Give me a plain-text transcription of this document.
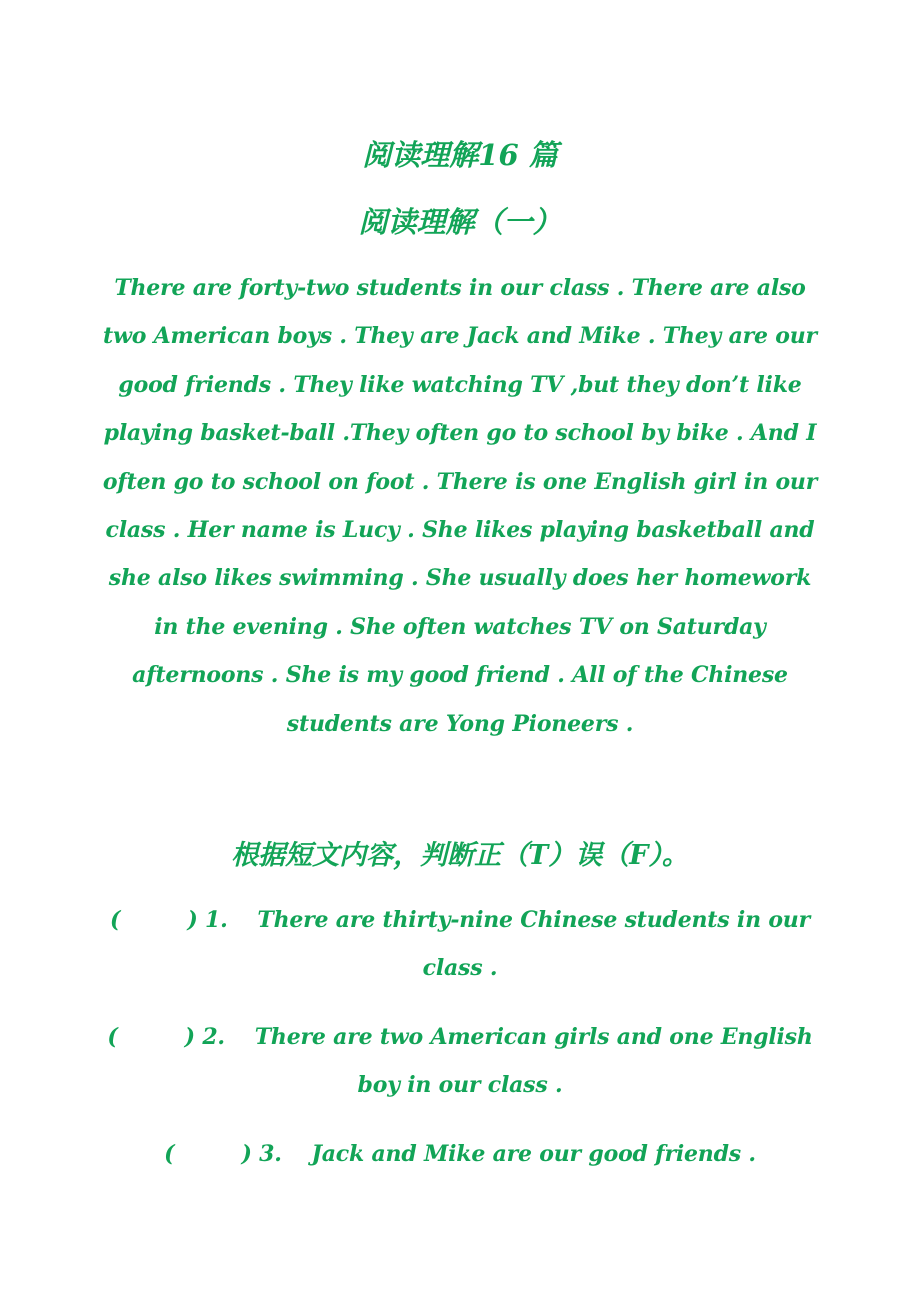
阅读理解16 篇
阅读理解（一）
There are forty-two students in our class . There are also
two American boys . They are Jack and Mike . They are our
good friends . They like watching TV ,but they don’t like
playing basket-ball .They often go to school by bike . And I
often go to school on foot . There is one English girl in our
class . Her name is Lucy . She likes playing basketball and
she also likes swimming . She usually does her homework
in the evening . She often watches TV on Saturday
afternoons . She is my good friend . All of the Chinese
students are Yong Pioneers .
根据短文内容，判断正（T）误（F）。
(         ) 1.    There are thirty-nine Chinese students in our
class .
(         ) 2.    There are two American girls and one English
boy in our class .
(         ) 3.    Jack and Mike are our good friends .
